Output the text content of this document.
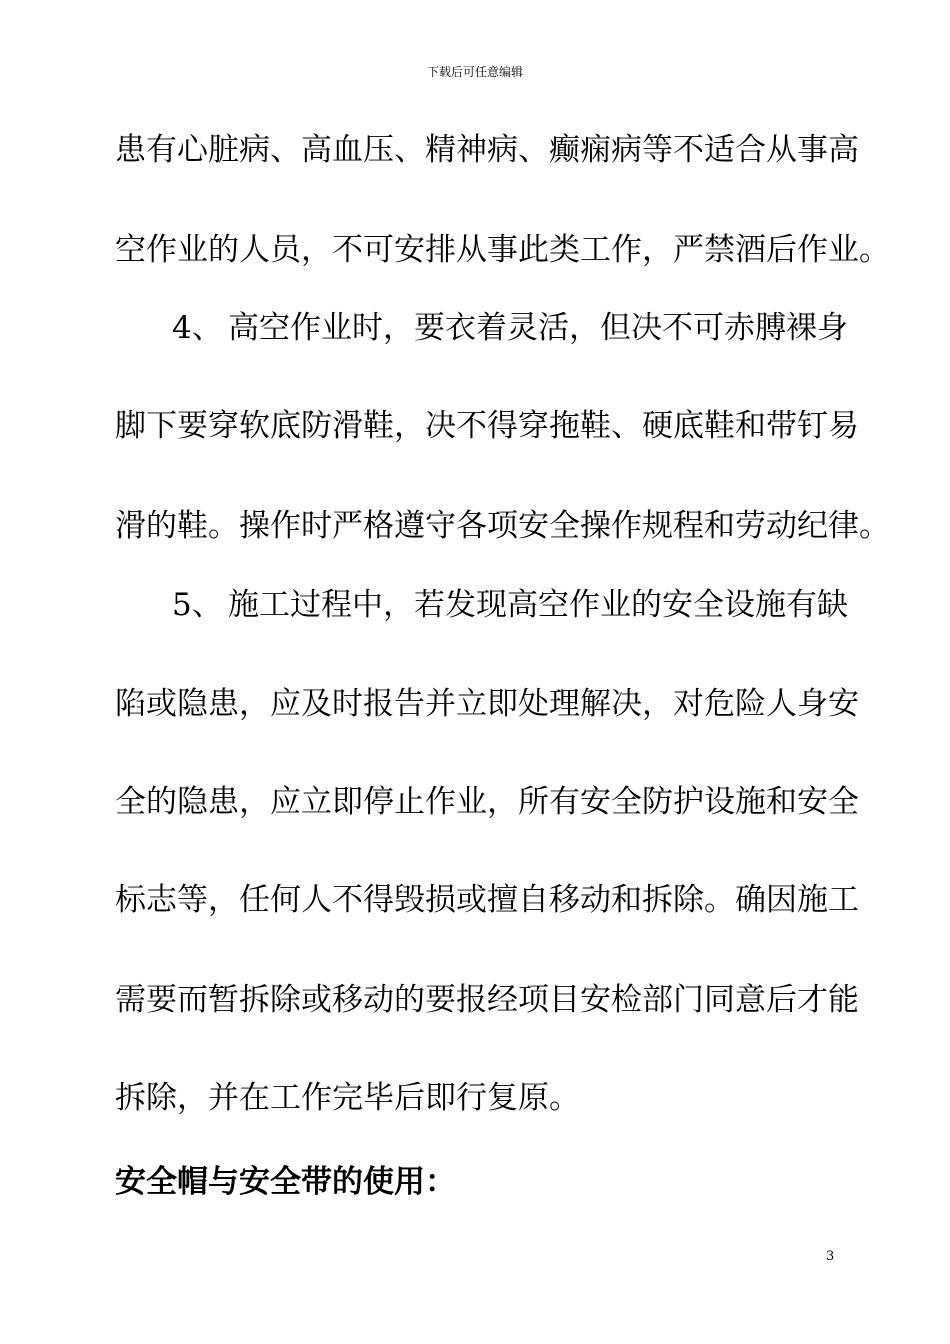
下载后可任意编辑
患有心脏病、高血压、精神病、癫痫病等不适合从事高
空作业的人员，不可安排从事此类工作，严禁酒后作业。
4、 高空作业时，要衣着灵活，但决不可赤膊裸身
脚下要穿软底防滑鞋，决不得穿拖鞋、硬底鞋和带钉易
滑的鞋。操作时严格遵守各项安全操作规程和劳动纪律。
5、 施工过程中，若发现高空作业的安全设施有缺
陷或隐患，应及时报告并立即处理解决，对危险人身安
全的隐患，应立即停止作业，所有安全防护设施和安全
标志等，任何人不得毁损或擅自移动和拆除。确因施工
需要而暂拆除或移动的要报经项目安检部门同意后才能
拆除，并在工作完毕后即行复原。
安全帽与安全带的使用：
3
